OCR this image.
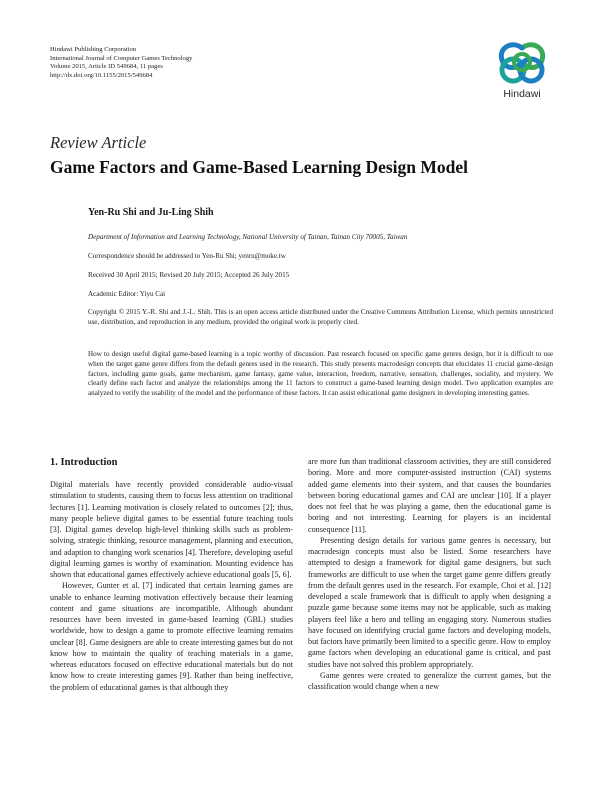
Hindawi Publishing Corporation
International Journal of Computer Games Technology
Volume 2015, Article ID 549684, 11 pages
http://dx.doi.org/10.1155/2015/549684
Hindawi
Review Article
Game Factors and Game-Based Learning Design Model
Yen-Ru Shi and Ju-Ling Shih
Department of Information and Learning Technology, National University of Tainan, Tainan City 70005, Taiwan
Correspondence should be addressed to Yen-Ru Shi; yenru@moke.tw
Received 30 April 2015; Revised 20 July 2015; Accepted 26 July 2015
Academic Editor: Yiyu Cai
Copyright © 2015 Y.-R. Shi and J.-L. Shih. This is an open access article distributed under the Creative Commons Attribution License, which permits unrestricted use, distribution, and reproduction in any medium, provided the original work is properly cited.
How to design useful digital game-based learning is a topic worthy of discussion. Past research focused on specific game genres design, but it is difficult to use when the target game genre differs from the default genres used in the research. This study presents macrodesign concepts that elucidates 11 crucial game-design factors, including game goals, game mechanism, game fantasy, game value, interaction, freedom, narrative, sensation, challenges, sociality, and mystery. We clearly define each factor and analyze the relationships among the 11 factors to construct a game-based learning design model. Two application examples are analyzed to verify the usability of the model and the performance of these factors. It can assist educational game designers in developing interesting games.
1. Introduction

Digital materials have recently provided considerable audio-visual stimulation to students, causing them to focus less attention on traditional lectures [1]. Learning motivation is closely related to outcomes [2]; thus, many people believe digital games to be essential future teaching tools [3]. Digital games develop high-level thinking skills such as problem-solving, strategic thinking, resource management, planning and execution, and adaption to changing work scenarios [4]. Therefore, developing useful digital learning games is worthy of examination. Mounting evidence has shown that educational games effectively achieve educational goals [5, 6].

However, Gunter et al. [7] indicated that certain learning games are unable to enhance learning motivation effectively because their learning content and game situations are incompatible. Although abundant resources have been invested in game-based learning (GBL) studies worldwide, how to design a game to promote effective learning remains unclear [8]. Game designers are able to create interesting games but do not know how to maintain the quality of teaching materials in a game, whereas educators focused on effective educational materials but do not know how to create interesting games [9]. Rather than being ineffective, the problem of educational games is that although they

are more fun than traditional classroom activities, they are still considered boring. More and more computer-assisted instruction (CAI) systems added game elements into their system, and that causes the boundaries between boring educational games and CAI are unclear [10]. If a player does not feel that he was playing a game, then the educational game is boring and not interesting. Learning for players is an incidental consequence [11].

Presenting design details for various game genres is necessary, but macrodesign concepts must also be listed. Some researchers have attempted to design a framework for digital game designers, but such frameworks are difficult to use when the target game genre differs greatly from the default genres used in the research. For example, Choi et al. [12] developed a scale framework that is difficult to apply when designing a puzzle game because some items may not be applicable, such as making players feel like a hero and telling an engaging story. Numerous studies have focused on identifying crucial game factors and developing models, but factors have primarily been limited to a specific genre. How to employ game factors when developing an educational game is critical, and past studies have not solved this problem appropriately.

Game genres were created to generalize the current games, but the classification would change when a new
